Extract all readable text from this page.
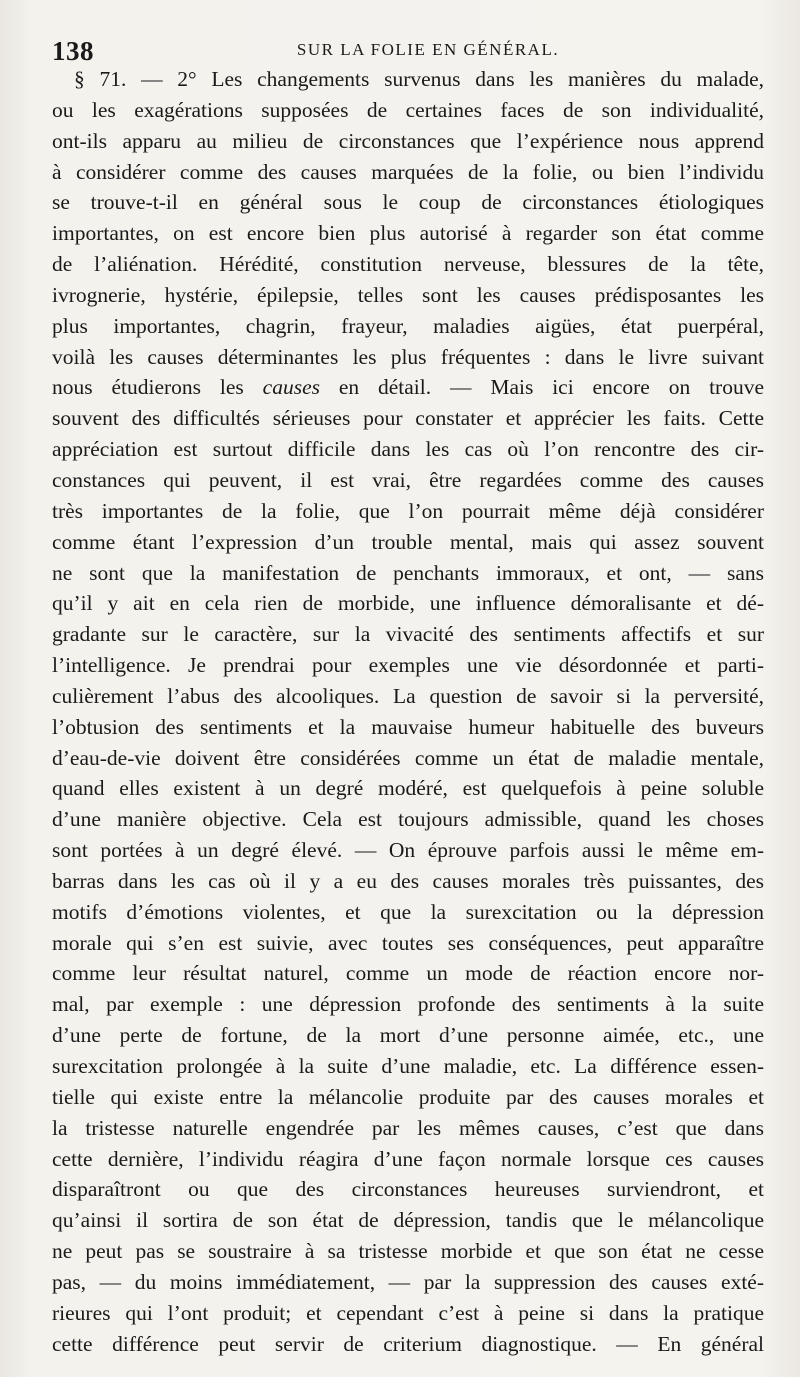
138	SUR LA FOLIE EN GÉNÉRAL.
§ 71. — 2° Les changements survenus dans les manières du malade,
ou les exagérations supposées de certaines faces de son individualité,
ont-ils apparu au milieu de circonstances que l’expérience nous apprend
à considérer comme des causes marquées de la folie, ou bien l’individu
se trouve-t-il en général sous le coup de circonstances étiologiques
importantes, on est encore bien plus autorisé à regarder son état comme
de l’aliénation. Hérédité, constitution nerveuse, blessures de la tête,
ivrognerie, hystérie, épilepsie, telles sont les causes prédisposantes les
plus importantes, chagrin, frayeur, maladies aigües, état puerpéral,
voilà les causes déterminantes les plus fréquentes : dans le livre suivant
nous étudierons les causes en détail. — Mais ici encore on trouve
souvent des difficultés sérieuses pour constater et apprécier les faits. Cette
appréciation est surtout difficile dans les cas où l’on rencontre des cir-
constances qui peuvent, il est vrai, être regardées comme des causes
très importantes de la folie, que l’on pourrait même déjà considérer
comme étant l’expression d’un trouble mental, mais qui assez souvent
ne sont que la manifestation de penchants immoraux, et ont, — sans
qu’il y ait en cela rien de morbide, une influence démoralisante et dé-
gradante sur le caractère, sur la vivacité des sentiments affectifs et sur
l’intelligence. Je prendrai pour exemples une vie désordonnée et parti-
culièrement l’abus des alcooliques. La question de savoir si la perversité,
l’obtusion des sentiments et la mauvaise humeur habituelle des buveurs
d’eau-de-vie doivent être considérées comme un état de maladie mentale,
quand elles existent à un degré modéré, est quelquefois à peine soluble
d’une manière objective. Cela est toujours admissible, quand les choses
sont portées à un degré élevé. — On éprouve parfois aussi le même em-
barras dans les cas où il y a eu des causes morales très puissantes, des
motifs d’émotions violentes, et que la surexcitation ou la dépression
morale qui s’en est suivie, avec toutes ses conséquences, peut apparaître
comme leur résultat naturel, comme un mode de réaction encore nor-
mal, par exemple : une dépression profonde des sentiments à la suite
d’une perte de fortune, de la mort d’une personne aimée, etc., une
surexcitation prolongée à la suite d’une maladie, etc. La différence essen-
tielle qui existe entre la mélancolie produite par des causes morales et
la tristesse naturelle engendrée par les mêmes causes, c’est que dans
cette dernière, l’individu réagira d’une façon normale lorsque ces causes
disparaîtront ou que des circonstances heureuses surviendront, et
qu’ainsi il sortira de son état de dépression, tandis que le mélancolique
ne peut pas se soustraire à sa tristesse morbide et que son état ne cesse
pas, — du moins immédiatement, — par la suppression des causes exté-
rieures qui l’ont produit; et cependant c’est à peine si dans la pratique
cette différence peut servir de criterium diagnostique. — En général
